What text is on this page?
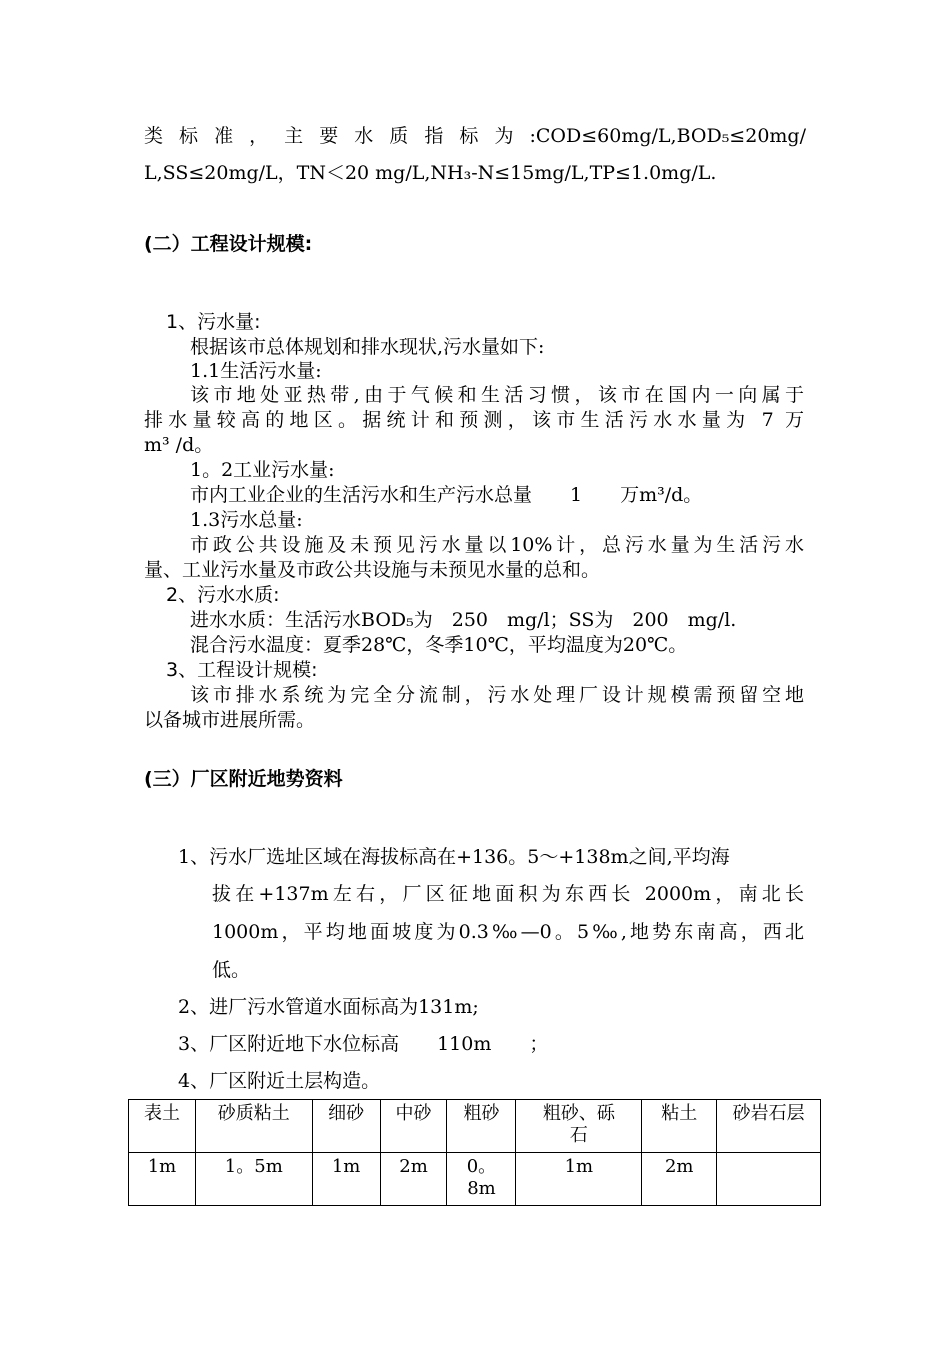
类 标 准 ， 主 要 水 质 指 标 为 :COD≤60mg/L,BOD₅≤20mg/
L,SS≤20mg/L，TN＜20 mg/L,NH₃-N≤15mg/L,TP≤1.0mg/L.
(二）工程设计规模:
1、污水量:
根据该市总体规划和排水现状,污水量如下:
1.1生活污水量:
该市地处亚热带,由于气候和生活习惯，该市在国内一向属于
排水量较高的地区。据统计和预测，该市生活污水水量为 7 万
m³ /d。
1。2工业污水量:
市内工业企业的生活污水和生产污水总量　　1　　万m³/d。
1.3污水总量:
市政公共设施及未预见污水量以10%计，总污水量为生活污水
量、工业污水量及市政公共设施与未预见水量的总和。
2、污水水质:
进水水质：生活污水BOD₅为　250　mg/l；SS为　200　mg/l.
混合污水温度：夏季28℃，冬季10℃，平均温度为20℃。
3、工程设计规模:
该市排水系统为完全分流制，污水处理厂设计规模需预留空地
以备城市进展所需。
(三）厂区附近地势资料
1、污水厂选址区域在海拔标高在+136。5～+138m之间,平均海
拔在+137m左右，厂区征地面积为东西长 2000m，南北长
1000m，平均地面坡度为0.3‰—0。5‰,地势东南高，西北
低。
2、进厂污水管道水面标高为131m;
3、厂区附近地下水位标高　　110m　　；
4、厂区附近土层构造。
表土	砂质粘土	细砂	中砂	粗砂	粗砂、砾石	粘土	砂岩石层
1m	1。5m	1m	2m	0。8m	1m	2m	
